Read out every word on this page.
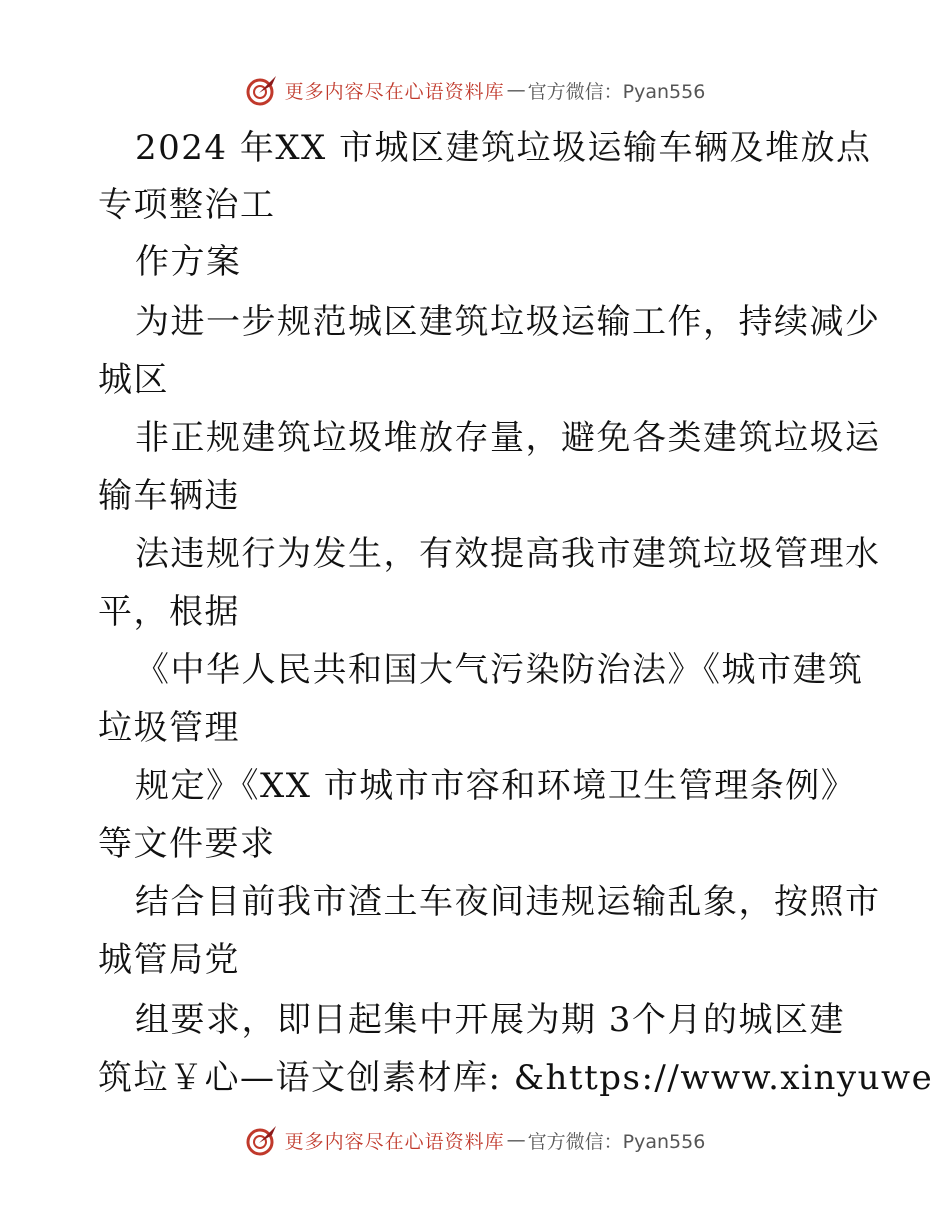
更多内容尽在心语资料库 — 官方微信：Pyan556
2024 年XX 市城区建筑垃圾运输车辆及堆放点
专项整治工
作方案
为进一步规范城区建筑垃圾运输工作，持续减少
城区
非正规建筑垃圾堆放存量，避免各类建筑垃圾运
输车辆违
法违规行为发生，有效提高我市建筑垃圾管理水
平，根据
《中华人民共和国大气污染防治法》《城市建筑
垃圾管理
规定》《XX 市城市市容和环境卫生管理条例》
等文件要求
结合目前我市渣土车夜间违规运输乱象，按照市
城管局党
组要求，即日起集中开展为期 3个月的城区建
筑垃￥心—语文创素材库: &https://www.xinyuwe
更多内容尽在心语资料库 — 官方微信：Pyan556
